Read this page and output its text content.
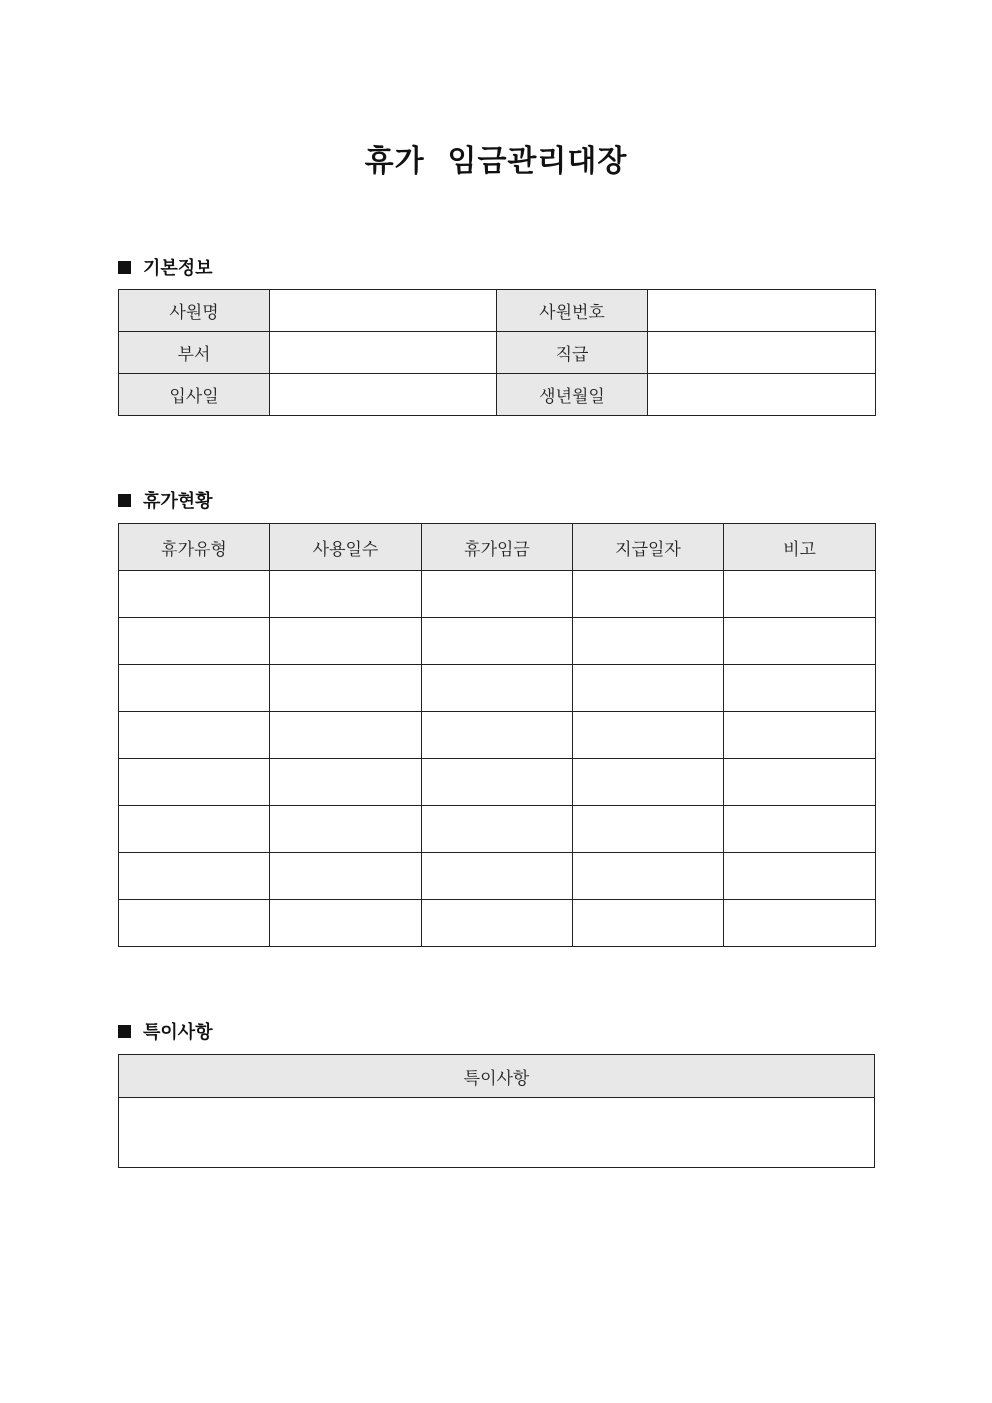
휴가  임금관리대장
기본정보
사원명		사원번호	
부서		직급	
입사일		생년월일	
휴가현황
휴가유형	사용일수	휴가임금	지급일자	비고

특이사항
특이사항
